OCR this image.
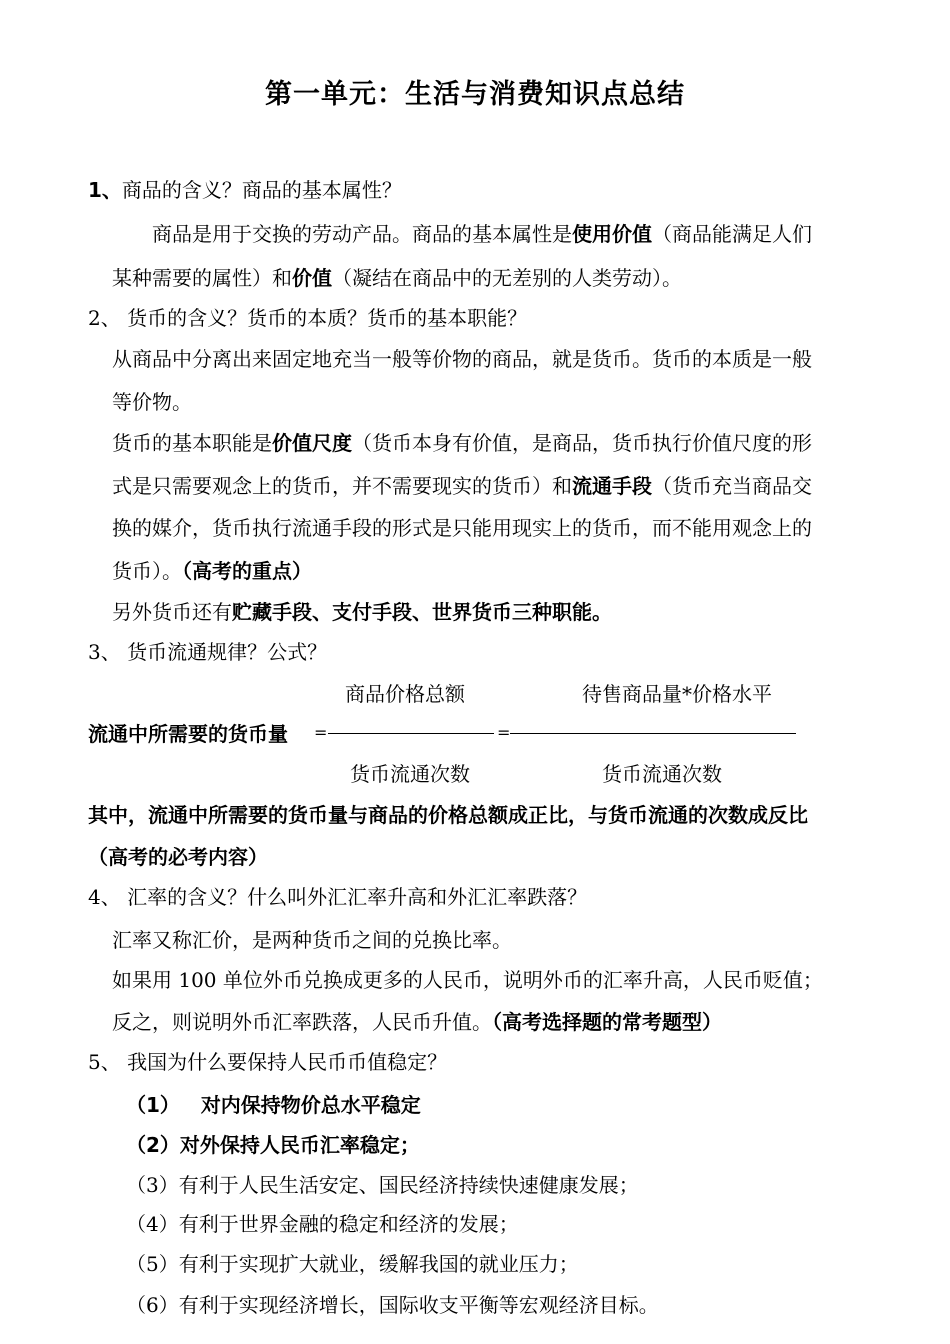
第一单元：生活与消费知识点总结
1、商品的含义？商品的基本属性？
商品是用于交换的劳动产品。商品的基本属性是使用价值（商品能满足人们
某种需要的属性）和价值（凝结在商品中的无差别的人类劳动）。
2、 货币的含义？货币的本质？货币的基本职能？
从商品中分离出来固定地充当一般等价物的商品，就是货币。货币的本质是一般
等价物。
货币的基本职能是价值尺度（货币本身有价值，是商品，货币执行价值尺度的形
式是只需要观念上的货币，并不需要现实的货币）和流通手段（货币充当商品交
换的媒介，货币执行流通手段的形式是只能用现实上的货币，而不能用观念上的
货币）。（高考的重点）
另外货币还有贮藏手段、支付手段、世界货币三种职能。
3、 货币流通规律？公式？
商品价格总额	待售商品量*价格水平
流通中所需要的货币量 =	=
货币流通次数	货币流通次数
其中，流通中所需要的货币量与商品的价格总额成正比，与货币流通的次数成反比
（高考的必考内容）
4、 汇率的含义？什么叫外汇汇率升高和外汇汇率跌落？
汇率又称汇价，是两种货币之间的兑换比率。
如果用 100 单位外币兑换成更多的人民币，说明外币的汇率升高，人民币贬值；
反之，则说明外币汇率跌落，人民币升值。（高考选择题的常考题型）
5、 我国为什么要保持人民币币值稳定？
（1） 对内保持物价总水平稳定
（2）对外保持人民币汇率稳定；
（3）有利于人民生活安定、国民经济持续快速健康发展；
（4）有利于世界金融的稳定和经济的发展；
（5）有利于实现扩大就业，缓解我国的就业压力；
（6）有利于实现经济增长，国际收支平衡等宏观经济目标。
